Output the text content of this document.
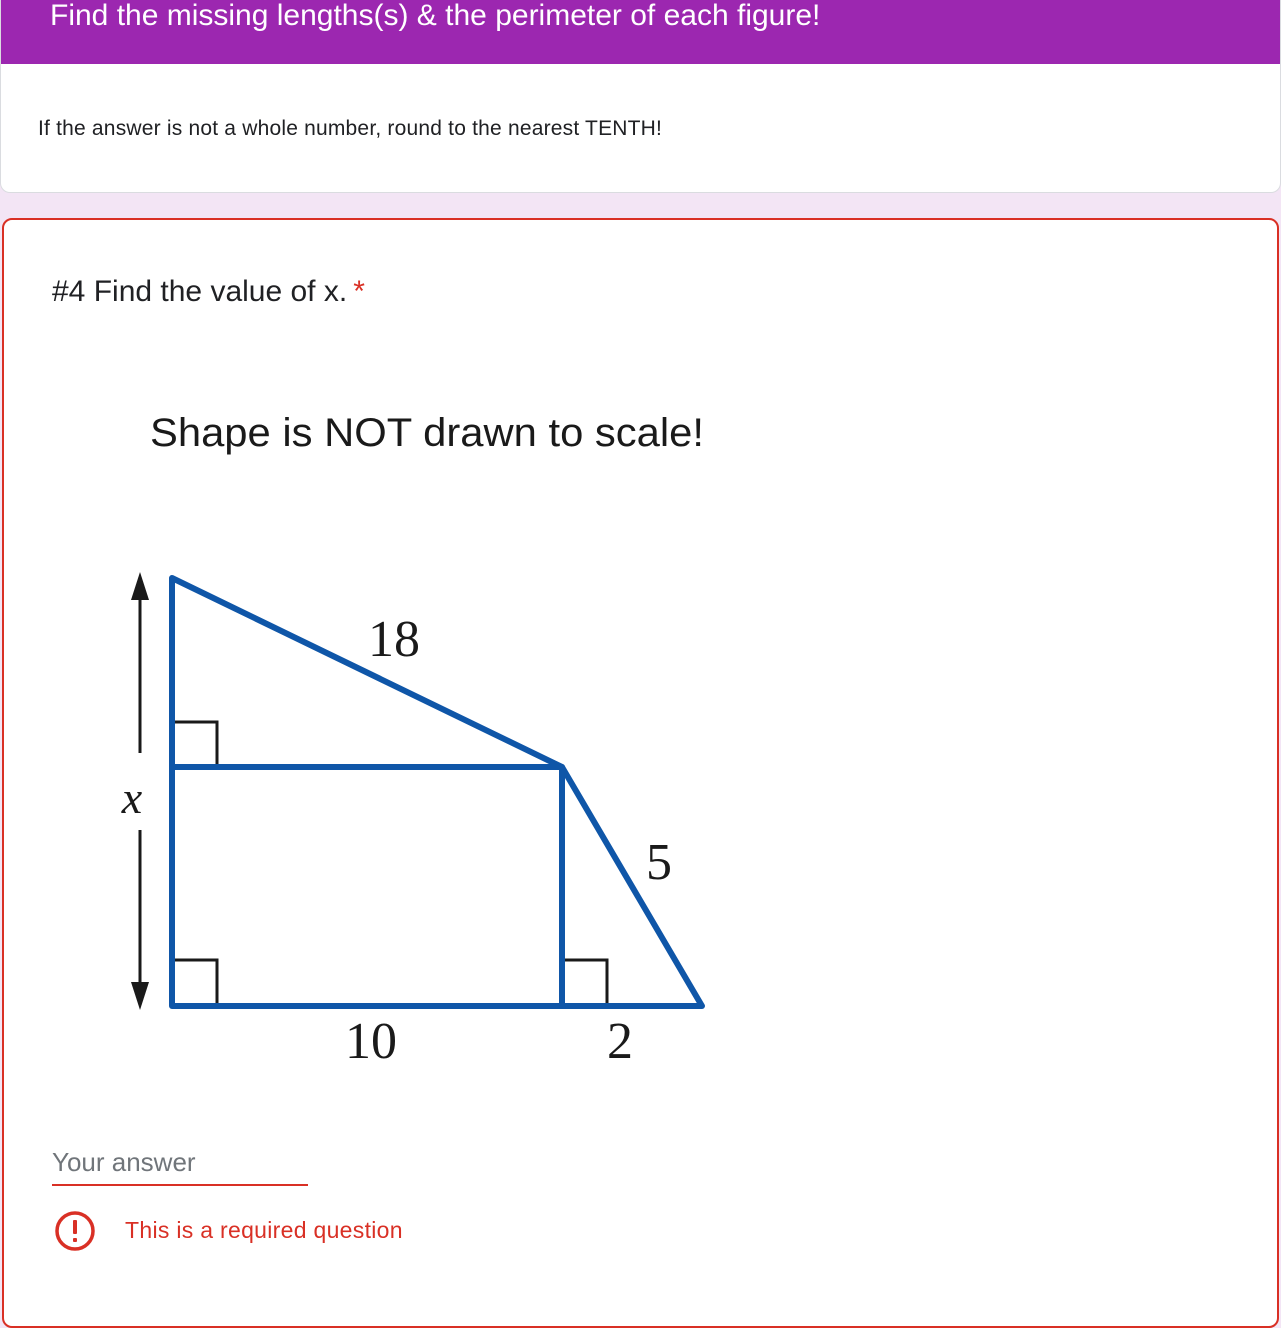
Find the missing lengths(s) & the perimeter of each figure!

If the answer is not a whole number, round to the nearest TENTH!

#4 Find the value of x. *
Shape is NOT drawn to scale!
x
18
5
10	2
Your answer

This is a required question
